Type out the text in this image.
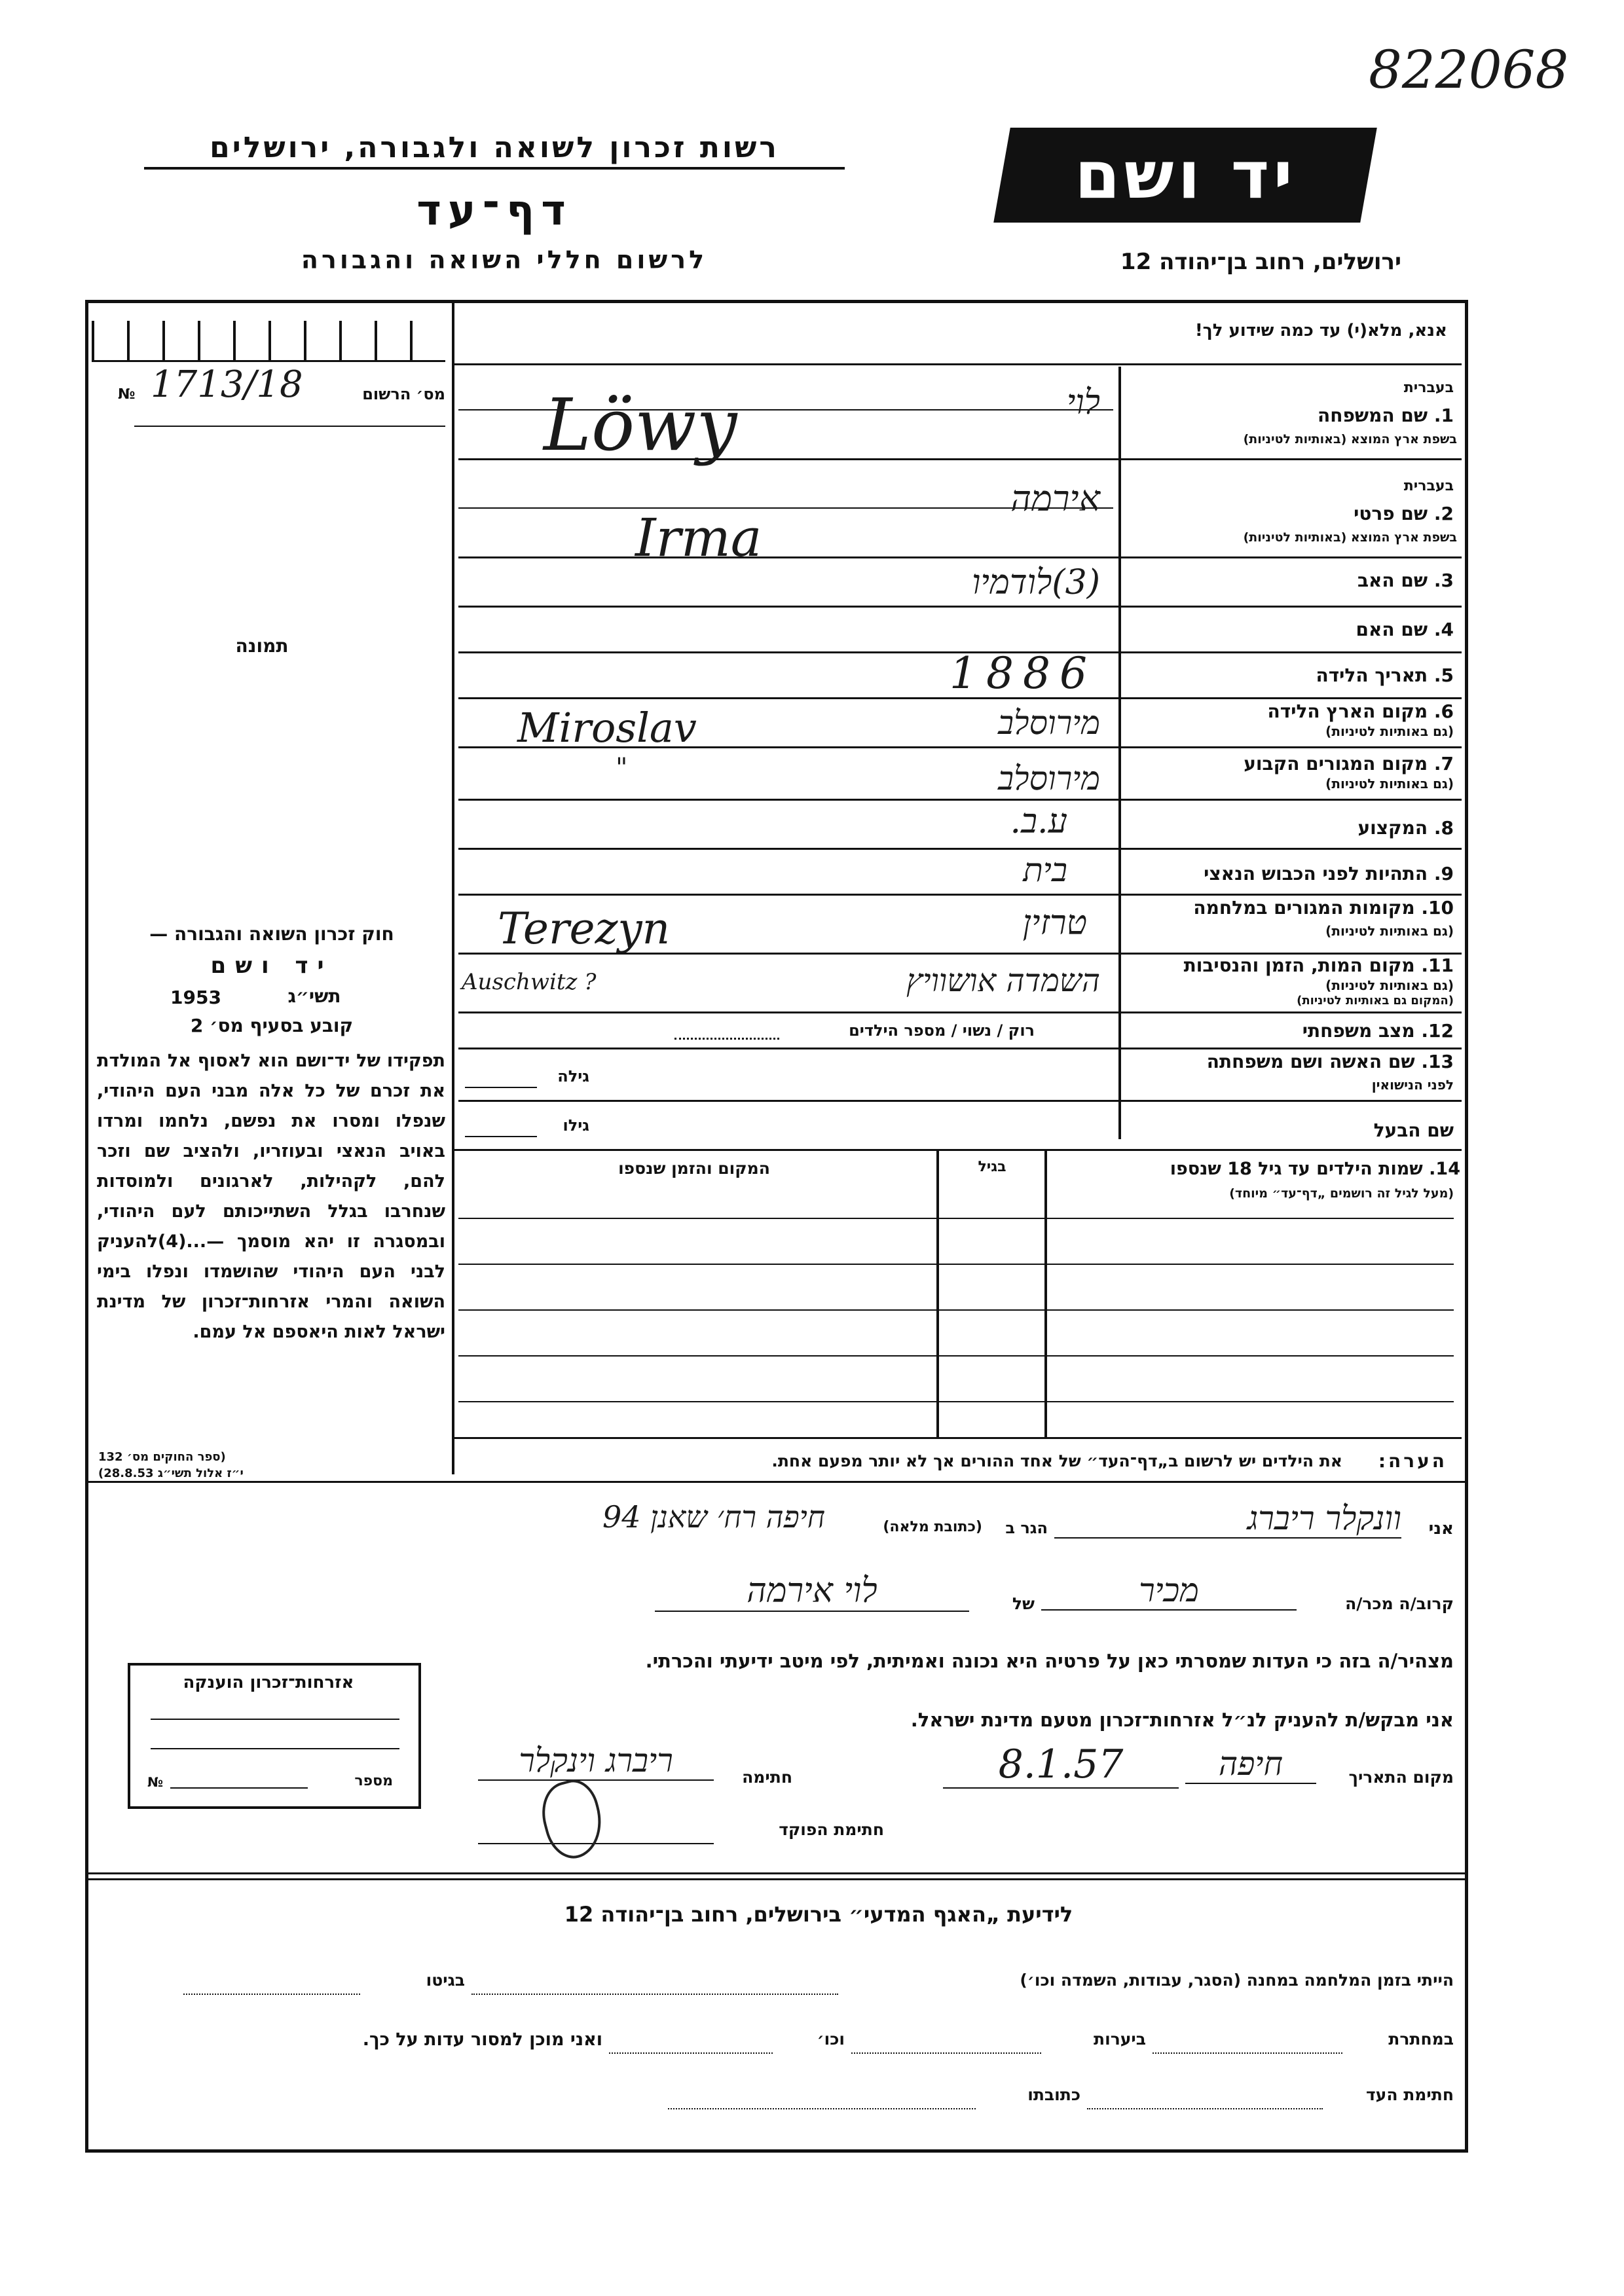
822068
רשות זכרון לשואה ולגבורה, ירושלים
דף־עד
לרשום חללי השואה והגבורה
יד ושם
ירושלים, רחוב בן־יהודה 12
מס׳ הרשום
1713/18
№
תמונה
חוק זכרון השואה והגבורה —
יד ושם
תשי״ג
1953
קובע בסעיף מס׳ 2
תפקידו של יד־ושם הוא לאסוף אל המולדת את זכרם של כל אלה מבני העם היהודי, שנפלו ומסרו את נפשם, נלחמו ומרדו באויב הנאצי ובעוזריו, ולהציב שם וזכר להם, לקהילות, לארגונים ולמוסדות שנחרבו בגלל השתייכותם לעם היהודי, ובמסגרה זו יהא מוסמך —...(4)להעניק לבני העם היהודי שהושמדו ונפלו בימי השואה והמרי אזרחות־זכרון של מדינת ישראל לאות היאספם אל עמם.
(ספר החוקים מס׳ 132
י״ז אלול תשי״ג 28.8.53)
אנא, מלא(י) עד כמה שידוע לך!
בעברית
1. שם המשפחה
בשפת ארץ המוצא (באותיות לטיניות)
לוי
Löwy
בעברית
2. שם פרטי
בשפת ארץ המוצא (באותיות לטיניות)
אירמה
Irma
3. שם האב
(3)לודמיו
4. שם האם
5. תאריך הלידה
1886
6. מקום הארץ הלידה
(גם באותיות לטיניות)
מירוסלב
Miroslav
7. מקום המגורים הקבוע
(גם באותיות לטיניות)
מירוסלב
"
8. המקצוע
ע.ב.
9. התהיות לפני הכבוש הנאצי
בית
10. מקומות המגורים במלחמה
(גם באותיות לטיניות)
טרזין
Terezyn
11. מקום המות, הזמן והנסיבות
(גם באותיות לטיניות)
(המקום גם באותיות לטיניות)
השמדה אושוויץ
Auschwitz ?
12. מצב משפחתי
רוק / נשוי / מספר הילדים
13. שם האשה ושם משפחתה
לפני הנישואין
גילה
שם הבעל
גילו
14. שמות הילדים עד גיל 18 שנספו
(מעל לגיל זה רושמים „דף־עד״ מיוחד)
בגיל
המקום והזמן שנספו
הערה:
את הילדים יש לרשום ב„דף־העד״ של אחד ההורים אך לא יותר מפעם אחת.
אני
וונקלר ריברג
הגר ב
(כתובת מלאה)
חיפה רח׳ שאנן 94
קרוב/ה מכר/ה
מכיר
של
לוי אירמה
מצהיר/ה בזה כי העדות שמסרתי כאן על פרטיה היא נכונה ואמיתית, לפי מיטב ידיעתי והכרתי.
אני מבקש/ת להעניק לנ״ל אזרחות־זכרון מטעם מדינת ישראל.
מקום התאריך
חיפה
8.1.57
חתימה
ריברג וינקלר
חתימת הפוקד
אזרחות־זכרון הוענקה
מספר
№
לידיעת „האגף המדעי״ בירושלים, רחוב בן־יהודה 12
הייתי בזמן המלחמה במחנה (הסגר, עבודות, השמדה וכו׳)
בגיטו
במחתרת
ביערות
וכו׳
ואני מוכן למסור עדות על כך.
חתימת העד
כתובתו
